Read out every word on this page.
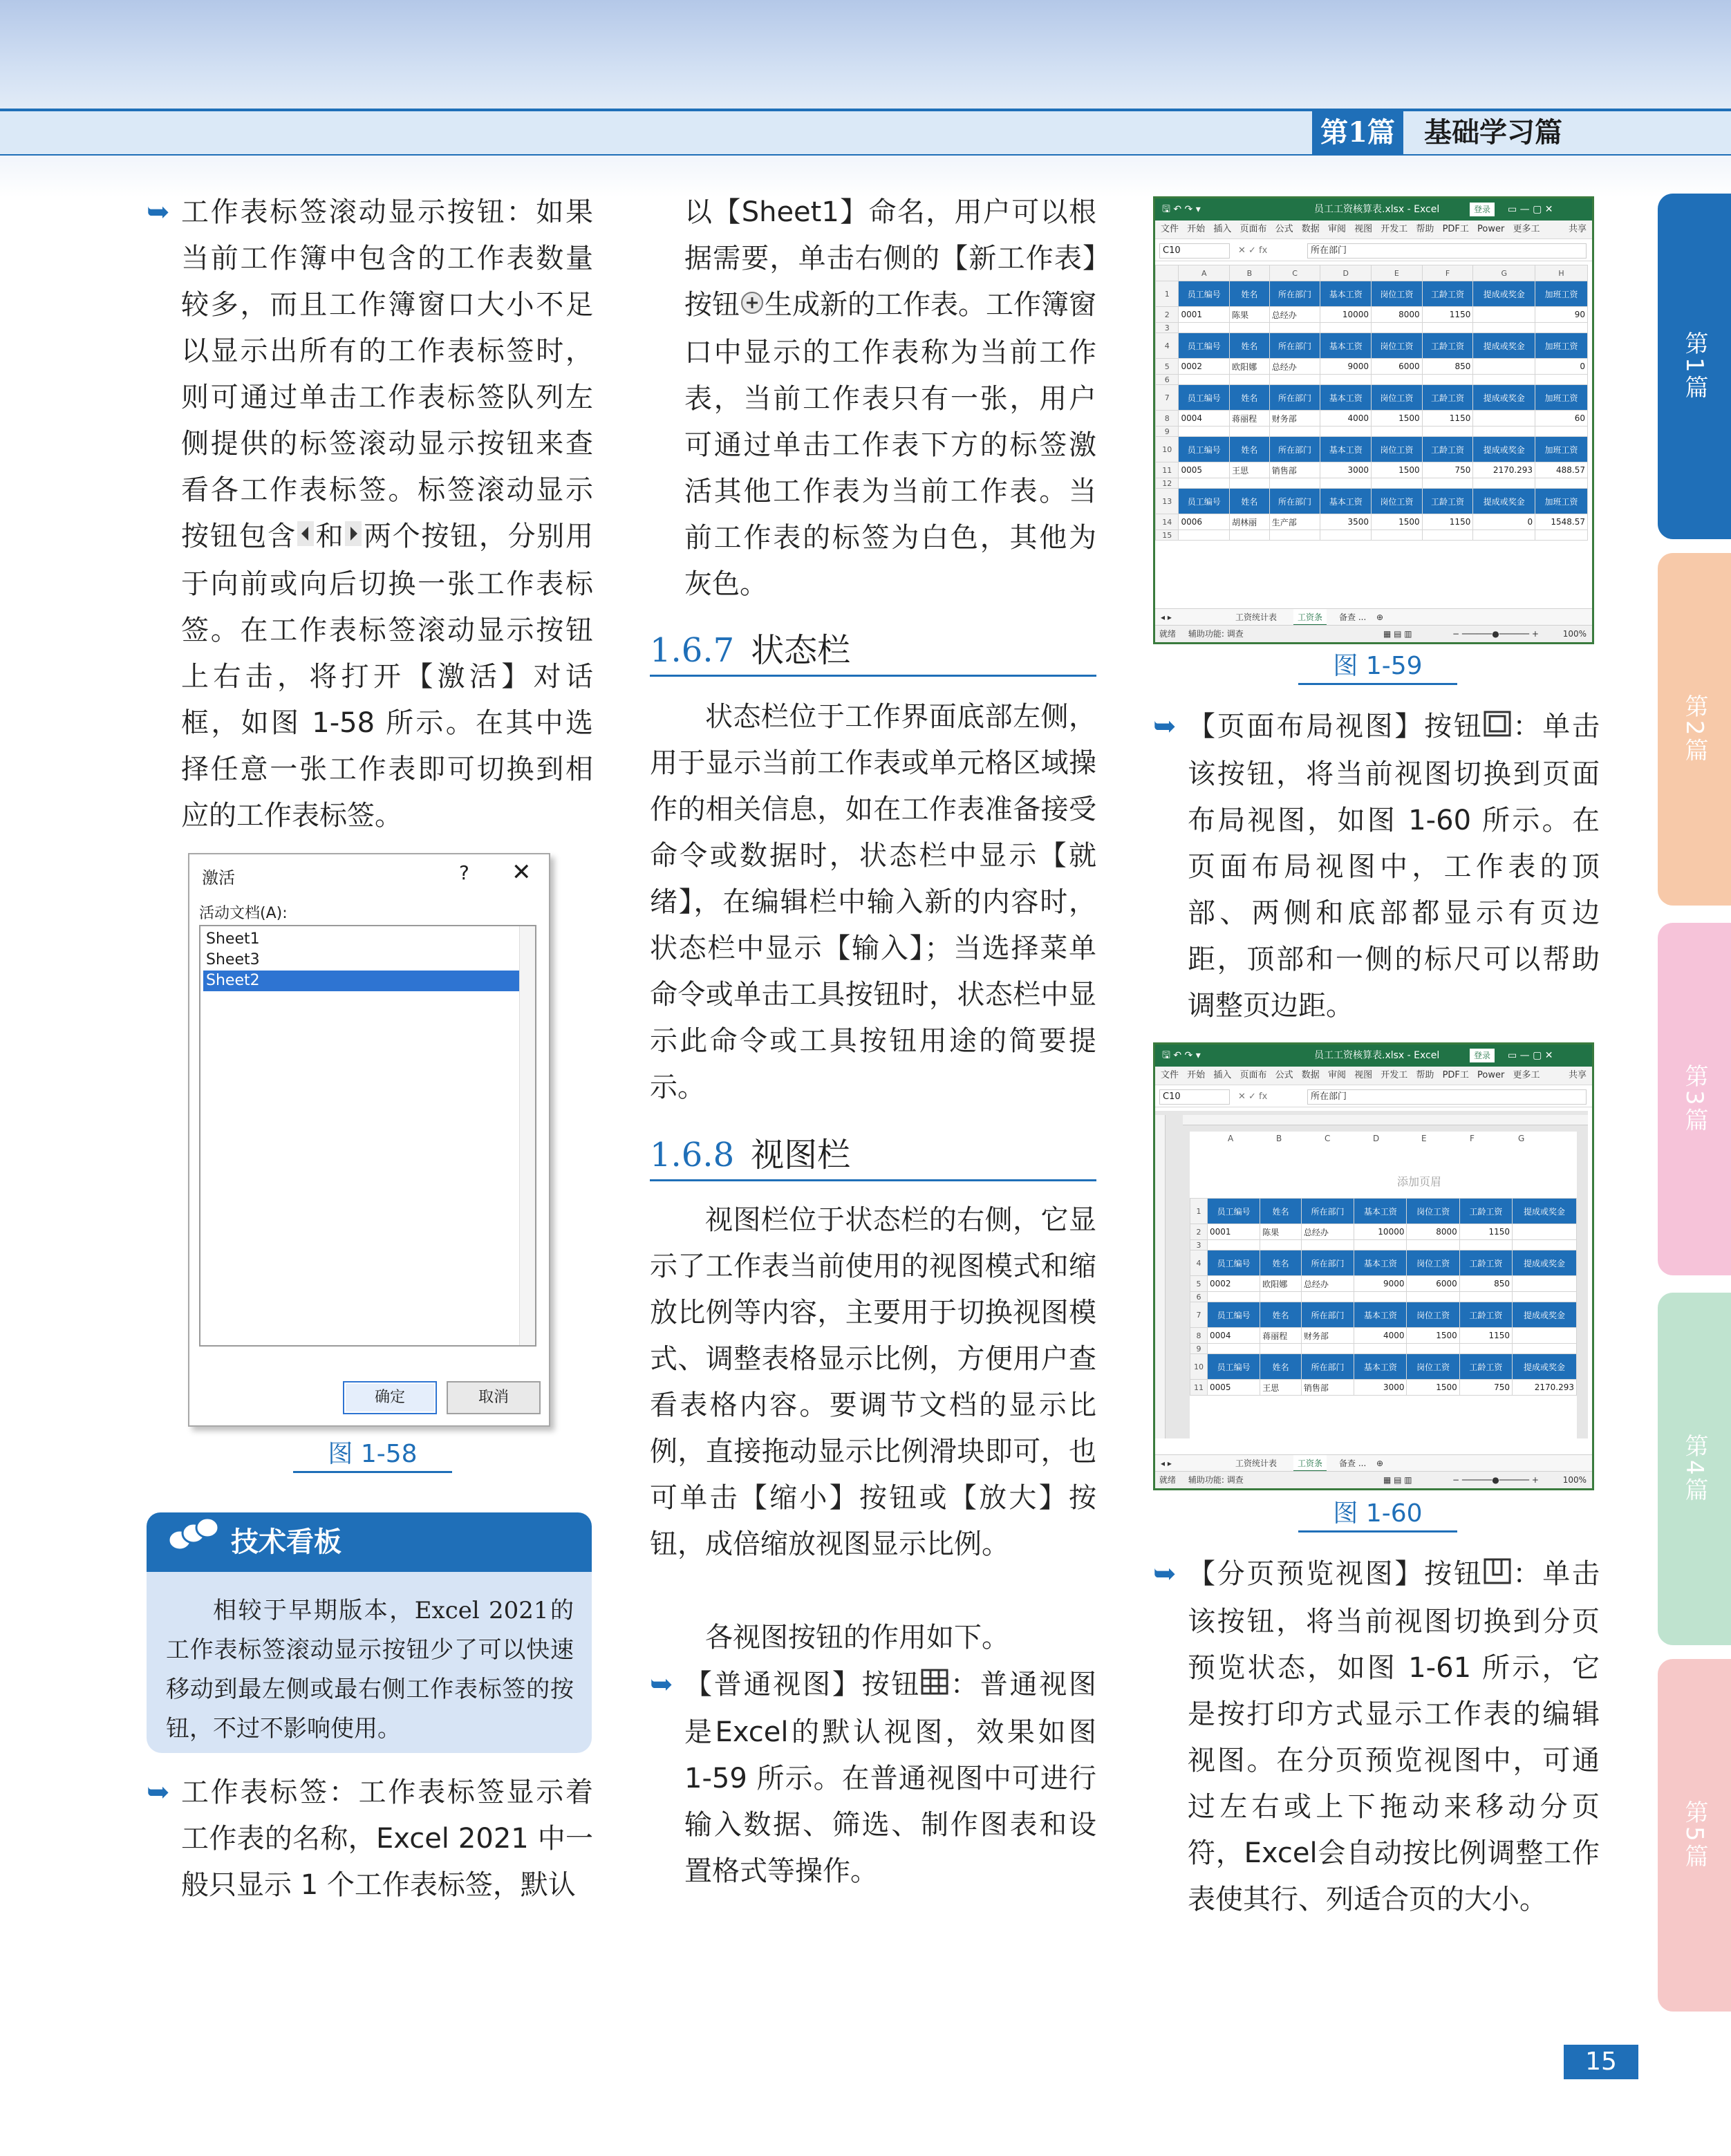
第1篇	基础学习篇
第1篇
第2篇
第3篇
第4篇
第5篇
➥ 工作表标签滚动显示按钮：如果当前工作簿中包含的工作表数量较多，而且工作簿窗口大小不足以显示出所有的工作表标签时，则可通过单击工作表标签队列左侧提供的标签滚动显示按钮来查看各工作表标签。标签滚动显示按钮包含 和 两个按钮，分别用于向前或向后切换一张工作表标签。在工作表标签滚动显示按钮上右击，将打开【激活】对话框，如图 1-58 所示。在其中选择任意一张工作表即可切换到相应的工作表标签。
激活	? ✕
活动文档(A):
Sheet1
Sheet3
Sheet2
确定	取消
图 1-58
技术看板
相较于早期版本，Excel 2021的工作表标签滚动显示按钮少了可以快速移动到最左侧或最右侧工作表标签的按钮，不过不影响使用。
➥ 工作表标签：工作表标签显示着工作表的名称，Excel 2021 中一般只显示 1 个工作表标签，默认
以【Sheet1】命名，用户可以根据需要，单击右侧的【新工作表】按钮 生成新的工作表。工作簿窗口中显示的工作表称为当前工作表，当前工作表只有一张，用户可通过单击工作表下方的标签激活其他工作表为当前工作表。当前工作表的标签为白色，其他为灰色。
1.6.7 状态栏
状态栏位于工作界面底部左侧，用于显示当前工作表或单元格区域操作的相关信息，如在工作表准备接受命令或数据时，状态栏中显示【就绪】，在编辑栏中输入新的内容时，状态栏中显示【输入】；当选择菜单命令或单击工具按钮时，状态栏中显示此命令或工具按钮用途的简要提示。
1.6.8 视图栏
视图栏位于状态栏的右侧，它显示了工作表当前使用的视图模式和缩放比例等内容，主要用于切换视图模式、调整表格显示比例，方便用户查看表格内容。要调节文档的显示比例，直接拖动显示比例滑块即可，也可单击【缩小】按钮或【放大】按钮，成倍缩放视图显示比例。
各视图按钮的作用如下。
➥ 【普通视图】按钮 ：普通视图是Excel的默认视图，效果如图 1-59 所示。在普通视图中可进行输入数据、筛选、制作图表和设置格式等操作。
🖫 ↶ ↷ ▾	员工工资核算表.xlsx - Excel	登录	▭ — ▢ ✕
文件 开始 插入 页面布 公式 数据 审阅 视图 开发工 帮助 PDF工 Power 更多工	共享
C10	✕ ✓ fx	所在部门
	A	B	C	D	E	F	G	H
1	员工编号	姓名	所在部门	基本工资	岗位工资	工龄工资	提成或奖金	加班工资
2	0001	陈果	总经办	10000	8000	1150		90
3								
4	员工编号	姓名	所在部门	基本工资	岗位工资	工龄工资	提成或奖金	加班工资
5	0002	欧阳娜	总经办	9000	6000	850		0
6								
7	员工编号	姓名	所在部门	基本工资	岗位工资	工龄工资	提成或奖金	加班工资
8	0004	蒋丽程	财务部	4000	1500	1150		60
9								
10	员工编号	姓名	所在部门	基本工资	岗位工资	工龄工资	提成或奖金	加班工资
11	0005	王思	销售部	3000	1500	750	2170.293	488.57
12								
13	员工编号	姓名	所在部门	基本工资	岗位工资	工龄工资	提成或奖金	加班工资
14	0006	胡林丽	生产部	3500	1500	1150	0	1548.57
15								
◂ ▸	工资统计表	工资条	备查 ...	⊕
就绪 辅助功能: 调查	▦ ▤ ▥	− ──────●────── +	100%
图 1-59
➥ 【页面布局视图】按钮 ：单击该按钮，将当前视图切换到页面布局视图，如图 1-60 所示。在页面布局视图中，工作表的顶部、两侧和底部都显示有页边距，顶部和一侧的标尺可以帮助调整页边距。
🖫 ↶ ↷ ▾	员工工资核算表.xlsx - Excel	登录	▭ — ▢ ✕
文件 开始 插入 页面布 公式 数据 审阅 视图 开发工 帮助 PDF工 Power 更多工	共享
C10	✕ ✓ fx	所在部门
A	B	C	D	E	F	G
添加页眉
1	员工编号	姓名	所在部门	基本工资	岗位工资	工龄工资	提成或奖金
2	0001	陈果	总经办	10000	8000	1150	
3							
4	员工编号	姓名	所在部门	基本工资	岗位工资	工龄工资	提成或奖金
5	0002	欧阳娜	总经办	9000	6000	850	
6							
7	员工编号	姓名	所在部门	基本工资	岗位工资	工龄工资	提成或奖金
8	0004	蒋丽程	财务部	4000	1500	1150	
9							
10	员工编号	姓名	所在部门	基本工资	岗位工资	工龄工资	提成或奖金
11	0005	王思	销售部	3000	1500	750	2170.293
◂ ▸	工资统计表	工资条	备查 ...	⊕
就绪 辅助功能: 调查	▦ ▤ ▥	− ──────●────── +	100%
图 1-60
➥ 【分页预览视图】按钮 ：单击该按钮，将当前视图切换到分页预览状态，如图 1-61 所示，它是按打印方式显示工作表的编辑视图。在分页预览视图中，可通过左右或上下拖动来移动分页符，Excel会自动按比例调整工作表使其行、列适合页的大小。
15
